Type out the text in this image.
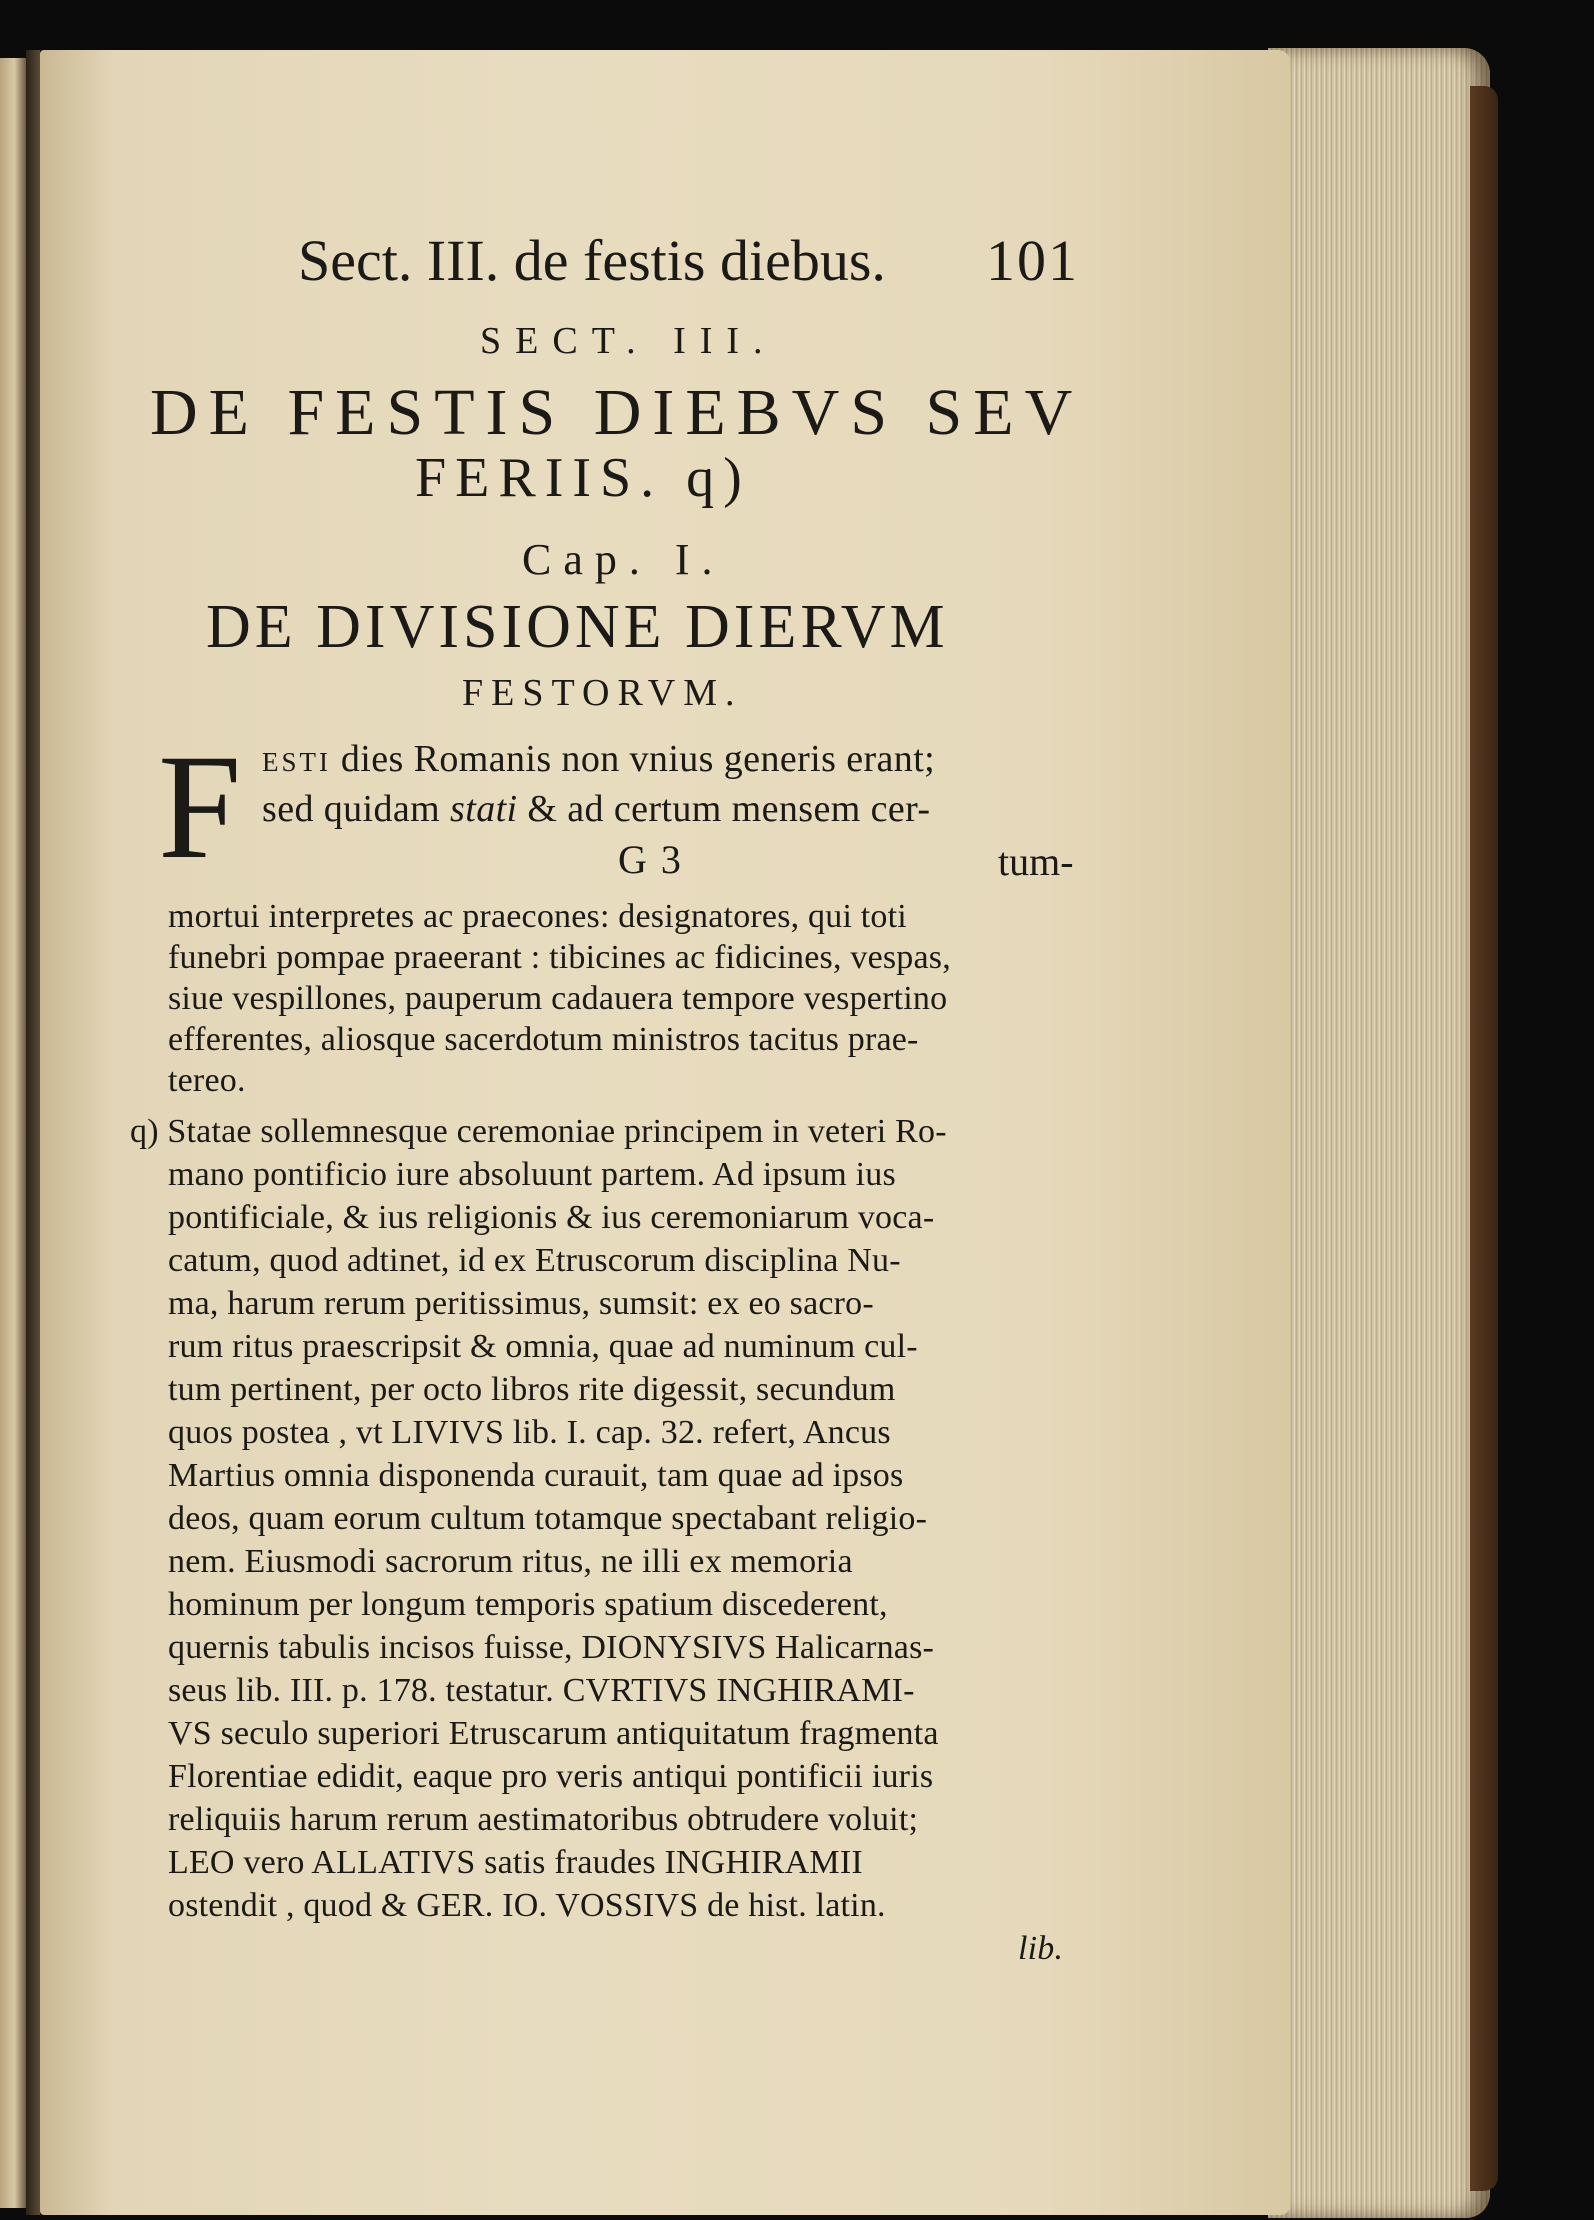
Sect. III. de festis diebus. 101
SECT. III.
DE FESTIS DIEBVS SEV
FERIIS. q)
Cap. I.
DE DIVISIONE DIERVM
FESTORVM.
F esti dies Romanis non vnius generis erant;
sed quidam stati & ad certum mensem cer-
G 3	tum-
mortui interpretes ac praecones: designatores, qui toti
funebri pompae praeerant : tibicines ac fidicines, vespas,
siue vespillones, pauperum cadauera tempore vespertino
efferentes, aliosque sacerdotum ministros tacitus prae-
tereo.
q) Statae sollemnesque ceremoniae principem in veteri Ro-
mano pontificio iure absoluunt partem. Ad ipsum ius
pontificiale, & ius religionis & ius ceremoniarum voca-
catum, quod adtinet, id ex Etruscorum disciplina Nu-
ma, harum rerum peritissimus, sumsit: ex eo sacro-
rum ritus praescripsit & omnia, quae ad numinum cul-
tum pertinent, per octo libros rite digessit, secundum
quos postea , vt LIVIVS lib. I. cap. 32. refert, Ancus
Martius omnia disponenda curauit, tam quae ad ipsos
deos, quam eorum cultum totamque spectabant religio-
nem. Eiusmodi sacrorum ritus, ne illi ex memoria
hominum per longum temporis spatium discederent,
quernis tabulis incisos fuisse, DIONYSIVS Halicarnas-
seus lib. III. p. 178. testatur. CVRTIVS INGHIRAMI-
VS seculo superiori Etruscarum antiquitatum fragmenta
Florentiae edidit, eaque pro veris antiqui pontificii iuris
reliquiis harum rerum aestimatoribus obtrudere voluit;
LEO vero ALLATIVS satis fraudes INGHIRAMII
ostendit , quod & GER. IO. VOSSIVS de hist. latin.
lib.
